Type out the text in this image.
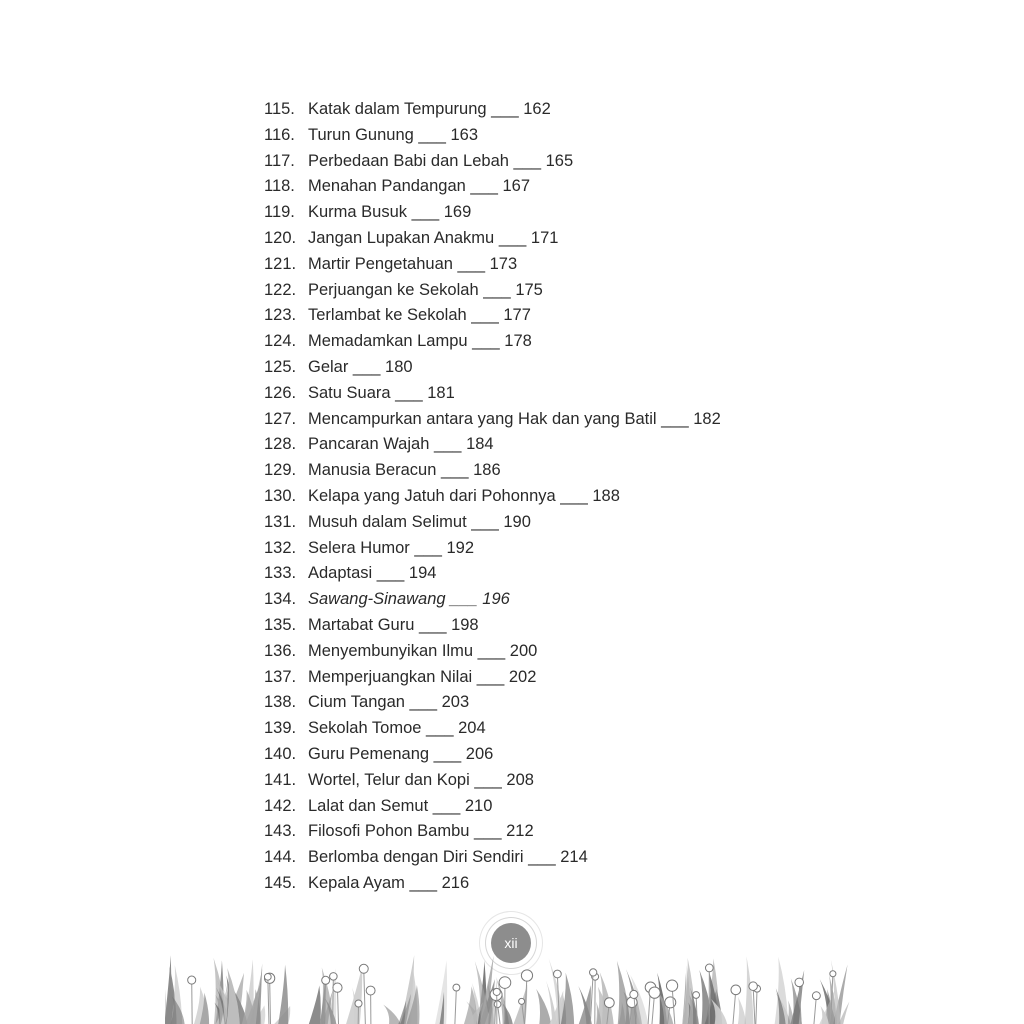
115. Katak dalam Tempurung ___ 162
116. Turun Gunung ___ 163
117. Perbedaan Babi dan Lebah ___ 165
118. Menahan Pandangan ___ 167
119. Kurma Busuk ___ 169
120. Jangan Lupakan Anakmu ___ 171
121. Martir Pengetahuan ___ 173
122. Perjuangan ke Sekolah ___ 175
123. Terlambat ke Sekolah ___ 177
124. Memadamkan Lampu ___ 178
125. Gelar ___ 180
126. Satu Suara ___ 181
127. Mencampurkan antara yang Hak dan yang Batil ___ 182
128. Pancaran Wajah ___ 184
129. Manusia Beracun ___ 186
130. Kelapa yang Jatuh dari Pohonnya ___ 188
131. Musuh dalam Selimut ___ 190
132. Selera Humor ___ 192
133. Adaptasi ___ 194
134. Sawang-Sinawang ___ 196
135. Martabat Guru ___ 198
136. Menyembunyikan Ilmu ___ 200
137. Memperjuangkan Nilai ___ 202
138. Cium Tangan ___ 203
139. Sekolah Tomoe ___ 204
140. Guru Pemenang ___ 206
141. Wortel, Telur dan Kopi ___ 208
142. Lalat dan Semut ___ 210
143. Filosofi Pohon Bambu ___ 212
144. Berlomba dengan Diri Sendiri ___ 214
145. Kepala Ayam ___ 216
xii
